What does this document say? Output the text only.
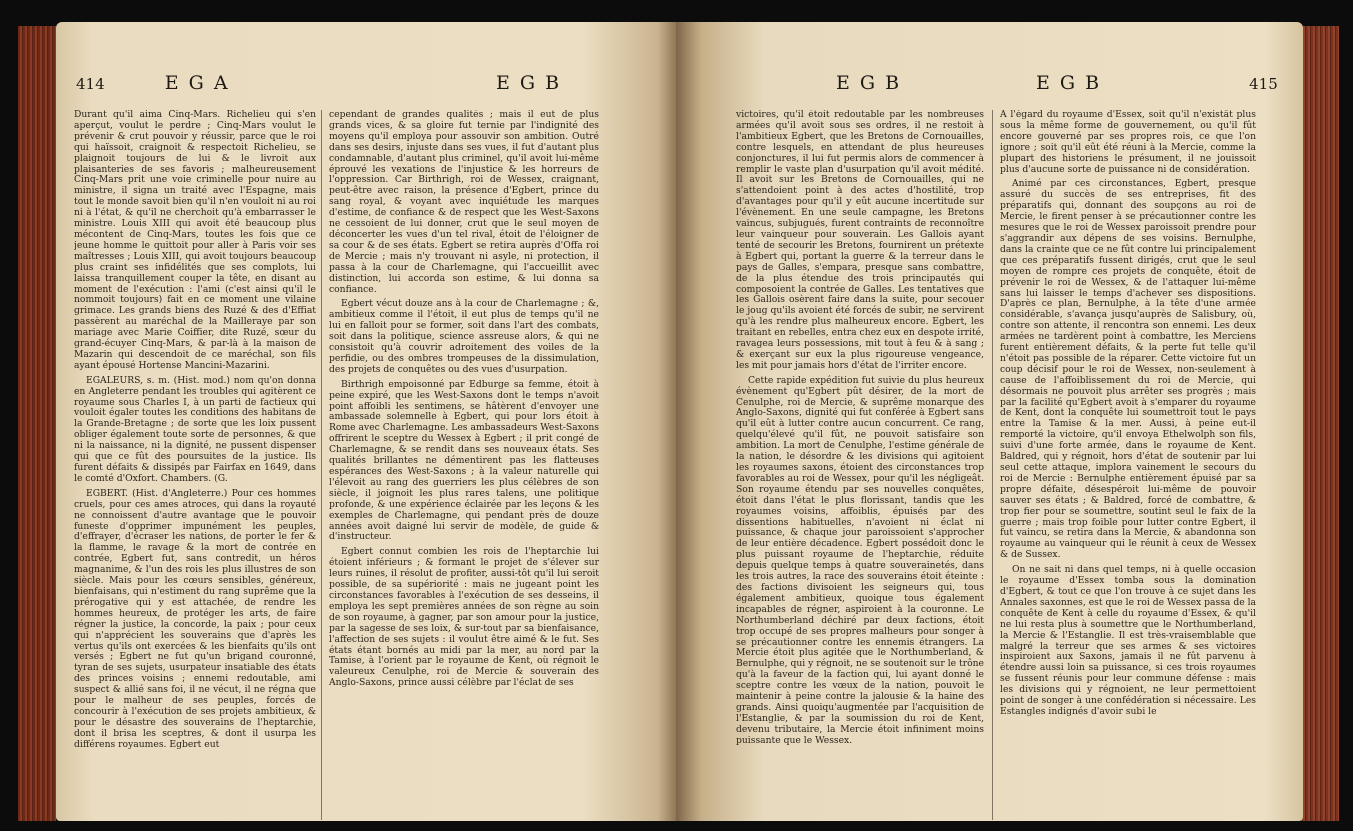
414	E G A	E G B

Durant qu'il aima Cinq-Mars. Richelieu qui s'en aperçut, voulut le perdre ; Cinq-Mars voulut le prévenir & crut pouvoir y réussir, parce que le roi qui haïssoit, craignoit & respectoit Richelieu, se plaignoit toujours de lui & le livroit aux plaisanteries de ses favoris ; malheureusement Cinq-Mars prit une voie criminelle pour nuire au ministre, il signa un traité avec l'Espagne, mais tout le monde savoit bien qu'il n'en vouloit ni au roi ni à l'état, & qu'il ne cherchoit qu'à embarrasser le ministre. Louis XIII qui avoit été beaucoup plus mécontent de Cinq-Mars, toutes les fois que ce jeune homme le quittoit pour aller à Paris voir ses maîtresses ; Louis XIII, qui avoit toujours beaucoup plus craint ses infidélités que ses complots, lui laissa tranquillement couper la tête, en disant au moment de l'exécution : l'ami (c'est ainsi qu'il le nommoit toujours) fait en ce moment une vilaine grimace. Les grands biens des Ruzé & des d'Effiat passèrent au maréchal de la Mailleraye par son mariage avec Marie Coiffier, dite Ruzé, sœur du grand-écuyer Cinq-Mars, & par-là à la maison de Mazarin qui descendoit de ce maréchal, son fils ayant épousé Hortense Mancini-Mazarini.

EGALEURS, s. m. (Hist. mod.) nom qu'on donna en Angleterre pendant les troubles qui agitèrent ce royaume sous Charles I, à un parti de factieux qui vouloit égaler toutes les conditions des habitans de la Grande-Bretagne ; de sorte que les loix pussent obliger également toute sorte de personnes, & que ni la naissance, ni la dignité, ne pussent dispenser qui que ce fût des poursuites de la justice. Ils furent défaits & dissipés par Fairfax en 1649, dans le comté d'Oxfort. Chambers. (G.

EGBERT. (Hist. d'Angleterre.) Pour ces hommes cruels, pour ces ames atroces, qui dans la royauté ne connoissent d'autre avantage que le pouvoir funeste d'opprimer impunément les peuples, d'effrayer, d'écraser les nations, de porter le fer & la flamme, le ravage & la mort de contrée en contrée, Egbert fut, sans contredit, un héros magnanime, & l'un des rois les plus illustres de son siècle. Mais pour les cœurs sensibles, généreux, bienfaisans, qui n'estiment du rang suprême que la prérogative qui y est attachée, de rendre les hommes heureux, de protéger les arts, de faire régner la justice, la concorde, la paix ; pour ceux qui n'apprécient les souverains que d'après les vertus qu'ils ont exercées & les bienfaits qu'ils ont versés ; Egbert ne fut qu'un brigand couronné, tyran de ses sujets, usurpateur insatiable des états des princes voisins ; ennemi redoutable, ami suspect & allié sans foi, il ne vécut, il ne régna que pour le malheur de ses peuples, forcés de concourir à l'exécution de ses projets ambitieux, & pour le désastre des souverains de l'heptarchie, dont il brisa les sceptres, & dont il usurpa les différens royaumes. Egbert eut

cependant de grandes qualités ; mais il eut de plus grands vices, & sa gloire fut ternie par l'indignité des moyens qu'il employa pour assouvir son ambition. Outré dans ses desirs, injuste dans ses vues, il fut d'autant plus condamnable, d'autant plus criminel, qu'il avoit lui-même éprouvé les vexations de l'injustice & les horreurs de l'oppression. Car Birthrigh, roi de Wessex, craignant, peut-être avec raison, la présence d'Egbert, prince du sang royal, & voyant avec inquiétude les marques d'estime, de confiance & de respect que les West-Saxons ne cessoient de lui donner, crut que le seul moyen de déconcerter les vues d'un tel rival, étoit de l'éloigner de sa cour & de ses états. Egbert se retira auprès d'Offa roi de Mercie ; mais n'y trouvant ni asyle, ni protection, il passa à la cour de Charlemagne, qui l'accueillit avec distinction, lui accorda son estime, & lui donna sa confiance.

Egbert vécut douze ans à la cour de Charlemagne ; &, ambitieux comme il l'étoit, il eut plus de temps qu'il ne lui en falloit pour se former, soit dans l'art des combats, soit dans la politique, science assreuse alors, & qui ne consistoit qu'à couvrir adroitement des voiles de la perfidie, ou des ombres trompeuses de la dissimulation, des projets de conquêtes ou des vues d'usurpation.

Birthrigh empoisonné par Edburge sa femme, étoit à peine expiré, que les West-Saxons dont le temps n'avoit point affoibli les sentimens, se hâtèrent d'envoyer une ambassade solemnelle à Egbert, qui pour lors étoit à Rome avec Charlemagne. Les ambassadeurs West-Saxons offrirent le sceptre du Wessex à Egbert ; il prit congé de Charlemagne, & se rendit dans ses nouveaux états. Ses qualités brillantes ne démentirent pas les flatteuses espérances des West-Saxons ; à la valeur naturelle qui l'élevoit au rang des guerriers les plus célèbres de son siècle, il joignoit les plus rares talens, une politique profonde, & une expérience éclairée par les leçons & les exemples de Charlemagne, qui pendant près de douze années avoit daigné lui servir de modèle, de guide & d'instructeur.

Egbert connut combien les rois de l'heptarchie lui étoient inférieurs ; & formant le projet de s'élever sur leurs ruines, il résolut de profiter, aussi-tôt qu'il lui seroit possible, de sa supériorité : mais ne jugeant point les circonstances favorables à l'exécution de ses desseins, il employa les sept premières années de son règne au soin de son royaume, à gagner, par son amour pour la justice, par la sagesse de ses loix, & sur-tout par sa bienfaisance, l'affection de ses sujets : il voulut être aimé & le fut. Ses états étant bornés au midi par la mer, au nord par la Tamise, à l'orient par le royaume de Kent, où régnoit le valeureux Cenulphe, roi de Mercie & souverain des Anglo-Saxons, prince aussi célèbre par l'éclat de ses

E G B	E G B	415

victoires, qu'il étoit redoutable par les nombreuses armées qu'il avoit sous ses ordres, il ne restoit à l'ambitieux Egbert, que les Bretons de Cornouailles, contre lesquels, en attendant de plus heureuses conjonctures, il lui fut permis alors de commencer à remplir le vaste plan d'usurpation qu'il avoit médité. Il avoit sur les Bretons de Cornouailles, qui ne s'attendoient point à des actes d'hostilité, trop d'avantages pour qu'il y eût aucune incertitude sur l'évènement. En une seule campagne, les Bretons vaincus, subjugués, furent contraints de reconnoître leur vainqueur pour souverain. Les Gallois ayant tenté de secourir les Bretons, fournirent un prétexte à Egbert qui, portant la guerre & la terreur dans le pays de Galles, s'empara, presque sans combattre, de la plus étendue des trois principautés qui composoient la contrée de Galles. Les tentatives que les Gallois osèrent faire dans la suite, pour secouer le joug qu'ils avoient été forcés de subir, ne servirent qu'à les rendre plus malheureux encore. Egbert, les traitant en rebelles, entra chez eux en despote irrité, ravagea leurs possessions, mit tout à feu & à sang ; & exerçant sur eux la plus rigoureuse vengeance, les mit pour jamais hors d'état de l'irriter encore.

Cette rapide expédition fut suivie du plus heureux évènement qu'Egbert pût désirer, de la mort de Cenulphe, roi de Mercie, & suprême monarque des Anglo-Saxons, dignité qui fut conférée à Egbert sans qu'il eût à lutter contre aucun concurrent. Ce rang, quelqu'élevé qu'il fût, ne pouvoit satisfaire son ambition. La mort de Cenulphe, l'estime générale de la nation, le désordre & les divisions qui agitoient les royaumes saxons, étoient des circonstances trop favorables au roi de Wessex, pour qu'il les négligeât. Son royaume étendu par ses nouvelles conquêtes, étoit dans l'état le plus florissant, tandis que les royaumes voisins, affoiblis, épuisés par des dissentions habituelles, n'avoient ni éclat ni puissance, & chaque jour paroissoient s'approcher de leur entière décadence. Egbert possédoit donc le plus puissant royaume de l'heptarchie, réduite depuis quelque temps à quatre souverainetés, dans les trois autres, la race des souverains étoit éteinte : des factions divisoient les seigneurs qui, tous également ambitieux, quoique tous également incapables de régner, aspiroient à la couronne. Le Northumberland déchiré par deux factions, étoit trop occupé de ses propres malheurs pour songer à se précautionner contre les ennemis étrangers. La Mercie étoit plus agitée que le Northumberland, & Bernulphe, qui y régnoit, ne se soutenoit sur le trône qu'à la faveur de la faction qui, lui ayant donné le sceptre contre les vœux de la nation, pouvoit le maintenir à peine contre la jalousie & la haine des grands. Ainsi quoiqu'augmentée par l'acquisition de l'Estanglie, & par la soumission du roi de Kent, devenu tributaire, la Mercie étoit infiniment moins puissante que le Wessex.

A l'égard du royaume d'Essex, soit qu'il n'existât plus sous la même forme de gouvernement, ou qu'il fût encore gouverné par ses propres rois, ce que l'on ignore ; soit qu'il eût été réuni à la Mercie, comme la plupart des historiens le présument, il ne jouissoit plus d'aucune sorte de puissance ni de considération.

Animé par ces circonstances, Egbert, presque assuré du succès de ses entreprises, fit des préparatifs qui, donnant des soupçons au roi de Mercie, le firent penser à se précautionner contre les mesures que le roi de Wessex paroissoit prendre pour s'aggrandir aux dépens de ses voisins. Bernulphe, dans la crainte que ce ne fût contre lui principalement que ces préparatifs fussent dirigés, crut que le seul moyen de rompre ces projets de conquête, étoit de prévenir le roi de Wessex, & de l'attaquer lui-même sans lui laisser le temps d'achever ses dispositions. D'après ce plan, Bernulphe, à la tête d'une armée considérable, s'avança jusqu'auprès de Salisbury, où, contre son attente, il rencontra son ennemi. Les deux armées ne tardèrent point à combattre, les Merciens furent entièrement défaits, & la perte fut telle qu'il n'étoit pas possible de la réparer. Cette victoire fut un coup décisif pour le roi de Wessex, non-seulement à cause de l'affoiblissement du roi de Mercie, qui désormais ne pouvoit plus arrêter ses progrès ; mais par la facilité qu'Egbert avoit à s'emparer du royaume de Kent, dont la conquête lui soumettroit tout le pays entre la Tamise & la mer. Aussi, à peine eut-il remporté la victoire, qu'il envoya Ethelwolph son fils, suivi d'une forte armée, dans le royaume de Kent. Baldred, qui y régnoit, hors d'état de soutenir par lui seul cette attaque, implora vainement le secours du roi de Mercie : Bernulphe entièrement épuisé par sa propre défaite, désespéroit lui-même de pouvoir sauver ses états ; & Baldred, forcé de combattre, & trop fier pour se soumettre, soutint seul le faix de la guerre ; mais trop foible pour lutter contre Egbert, il fut vaincu, se retira dans la Mercie, & abandonna son royaume au vainqueur qui le réunit à ceux de Wessex & de Sussex.

On ne sait ni dans quel temps, ni à quelle occasion le royaume d'Essex tomba sous la domination d'Egbert, & tout ce que l'on trouve à ce sujet dans les Annales saxonnes, est que le roi de Wessex passa de la conquête de Kent à celle du royaume d'Essex, & qu'il ne lui resta plus à soumettre que le Northumberland, la Mercie & l'Estanglie. Il est très-vraisemblable que malgré la terreur que ses armes & ses victoires inspiroient aux Saxons, jamais il ne fût parvenu à étendre aussi loin sa puissance, si ces trois royaumes se fussent réunis pour leur commune défense : mais les divisions qui y régnoient, ne leur permettoient point de songer à une confédération si nécessaire. Les Estangles indignés d'avoir subi le
